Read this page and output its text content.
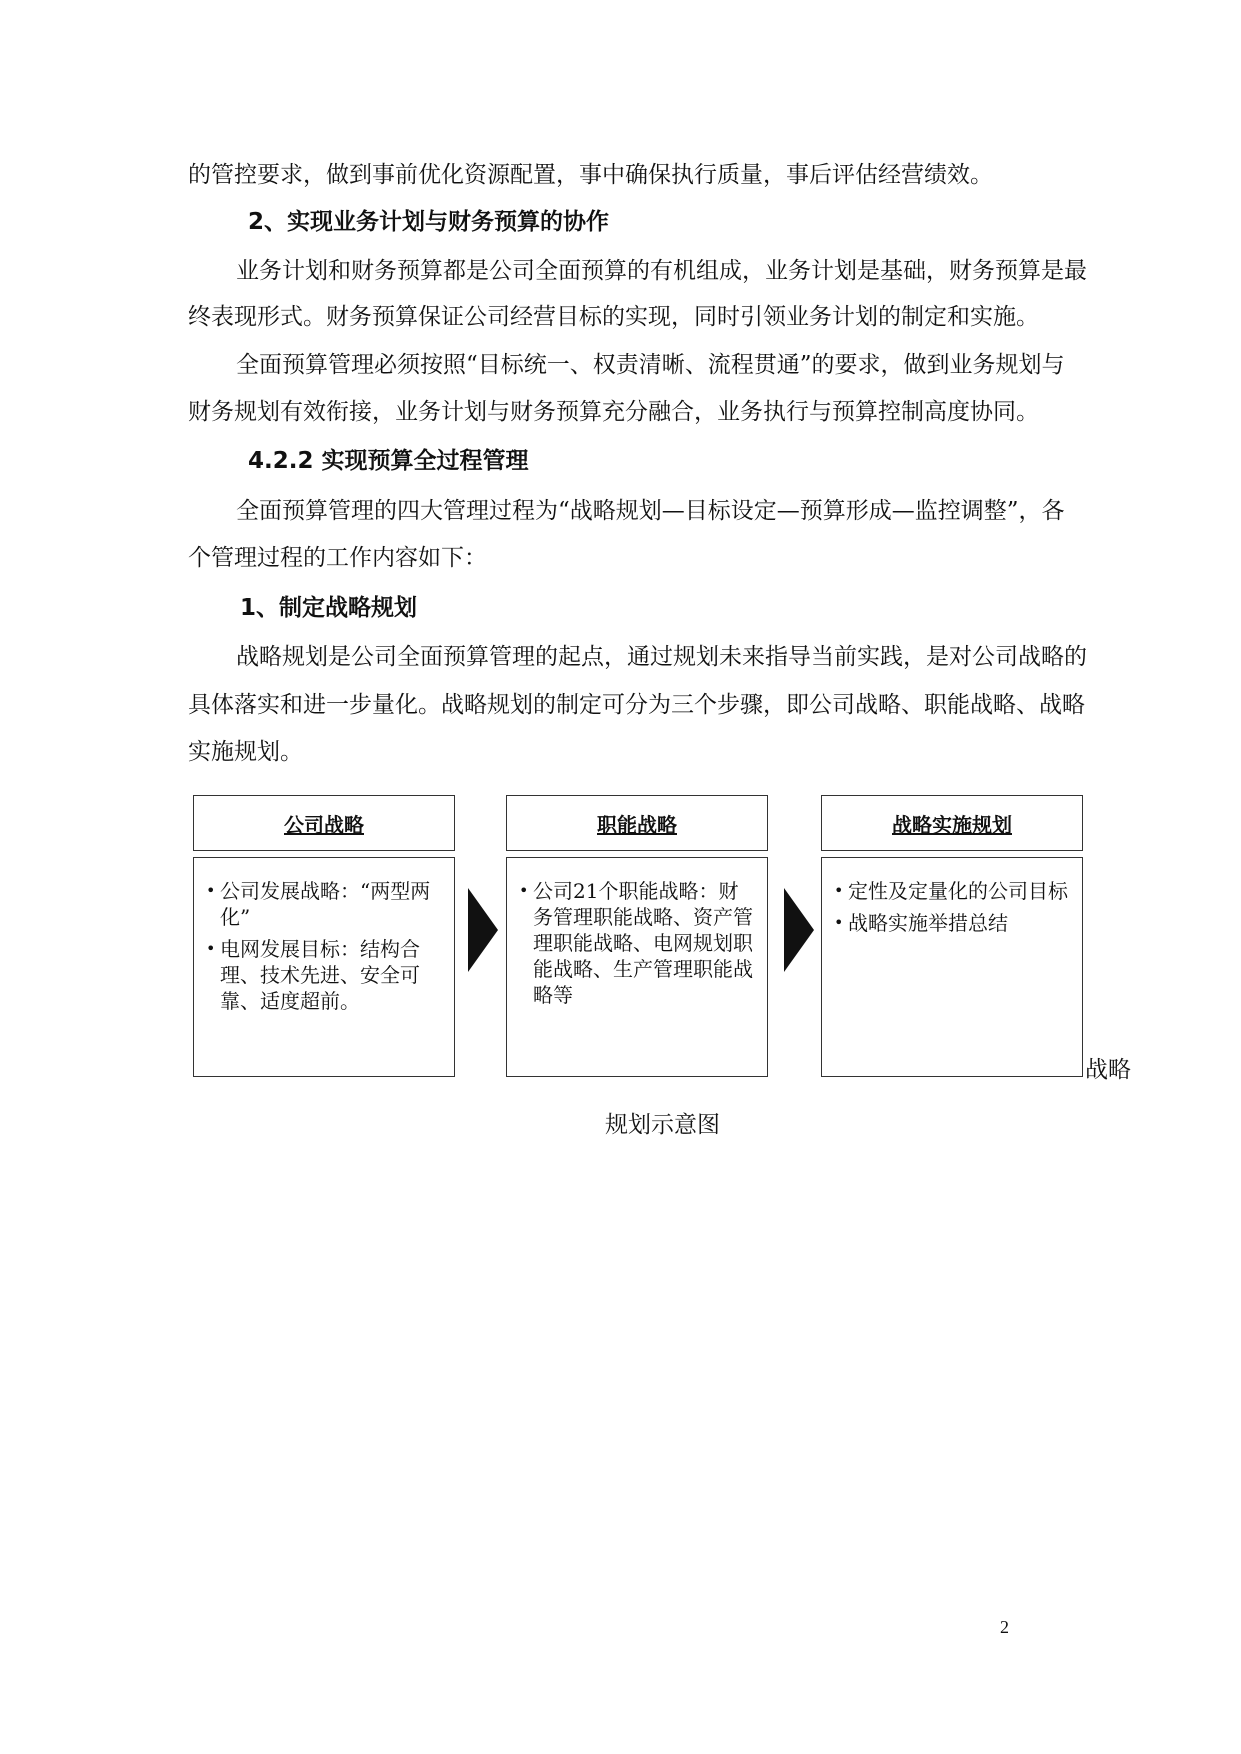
的管控要求，做到事前优化资源配置，事中确保执行质量，事后评估经营绩效。
2、实现业务计划与财务预算的协作
业务计划和财务预算都是公司全面预算的有机组成，业务计划是基础，财务预算是最
终表现形式。财务预算保证公司经营目标的实现，同时引领业务计划的制定和实施。
全面预算管理必须按照“目标统一、权责清晰、流程贯通”的要求，做到业务规划与
财务规划有效衔接，业务计划与财务预算充分融合，业务执行与预算控制高度协同。
4.2.2 实现预算全过程管理
全面预算管理的四大管理过程为“战略规划—目标设定—预算形成—监控调整”，各
个管理过程的工作内容如下：
1、制定战略规划
战略规划是公司全面预算管理的起点，通过规划未来指导当前实践，是对公司战略的
具体落实和进一步量化。战略规划的制定可分为三个步骤，即公司战略、职能战略、战略
实施规划。
公司战略
• 公司发展战略：“两型两化”
• 电网发展目标：结构合理、技术先进、安全可靠、适度超前。
职能战略
• 公司21个职能战略：财务管理职能战略、资产管理职能战略、电网规划职能战略、生产管理职能战略等
战略实施规划
• 定性及定量化的公司目标
• 战略实施举措总结
战略
规划示意图
2
